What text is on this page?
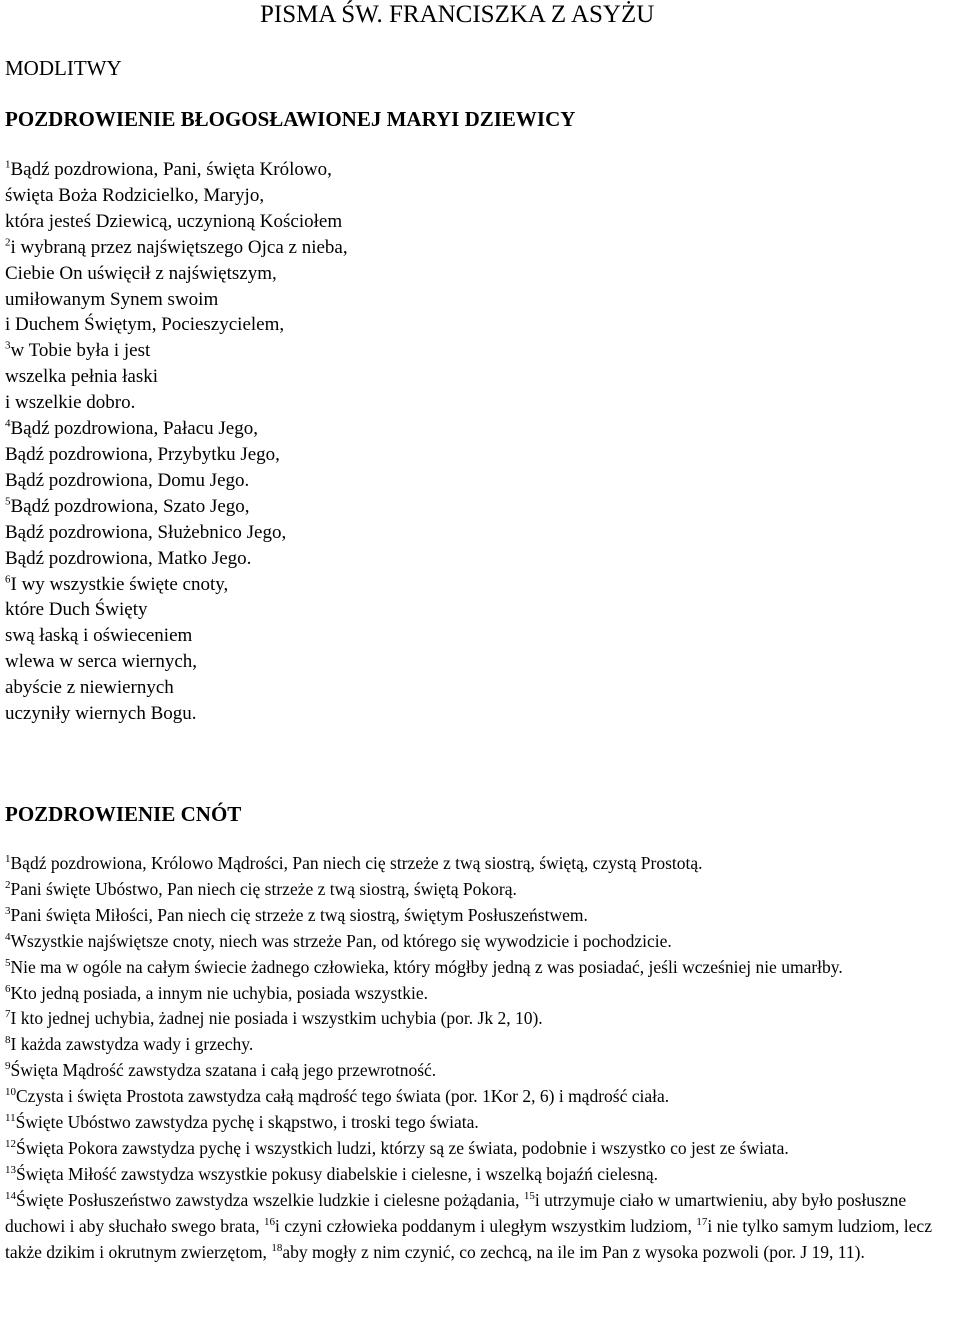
PISMA ŚW. FRANCISZKA Z ASYŻU
MODLITWY
POZDROWIENIE BŁOGOSŁAWIONEJ MARYI DZIEWICY
$^1$Bądź pozdrowiona, Pani, święta Królowo,
święta Boża Rodzicielko, Maryjo,
która jesteś Dziewicą, uczynioną Kościołem
$^2$i wybraną przez najświętszego Ojca z nieba,
Ciebie On uświęcił z najświętszym,
umiłowanym Synem swoim
i Duchem Świętym, Pocieszycielem,
$^3$w Tobie była i jest
wszelka pełnia łaski
i wszelkie dobro.
$^4$Bądź pozdrowiona, Pałacu Jego,
Bądź pozdrowiona, Przybytku Jego,
Bądź pozdrowiona, Domu Jego.
$^5$Bądź pozdrowiona, Szato Jego,
Bądź pozdrowiona, Służebnico Jego,
Bądź pozdrowiona, Matko Jego.
$^6$I wy wszystkie święte cnoty,
które Duch Święty
swą łaską i oświeceniem
wlewa w serca wiernych,
abyście z niewiernych
uczyniły wiernych Bogu.
POZDROWIENIE CNÓT
$^1$Bądź pozdrowiona, Królowo Mądrości, Pan niech cię strzeże z twą siostrą, świętą, czystą Prostotą.
$^2$Pani święte Ubóstwo, Pan niech cię strzeże z twą siostrą, świętą Pokorą.
$^3$Pani święta Miłości, Pan niech cię strzeże z twą siostrą, świętym Posłuszeństwem.
$^4$Wszystkie najświętsze cnoty, niech was strzeże Pan, od którego się wywodzicie i pochodzicie.
$^5$Nie ma w ogóle na całym świecie żadnego człowieka, który mógłby jedną z was posiadać, jeśli wcześniej nie umarłby.
$^6$Kto jedną posiada, a innym nie uchybia, posiada wszystkie.
$^7$I kto jednej uchybia, żadnej nie posiada i wszystkim uchybia (por. Jk 2, 10).
$^8$I każda zawstydza wady i grzechy.
$^9$Święta Mądrość zawstydza szatana i całą jego przewrotność.
$^{10}$Czysta i święta Prostota zawstydza całą mądrość tego świata (por. 1Kor 2, 6) i mądrość ciała.
$^{11}$Święte Ubóstwo zawstydza pychę i skąpstwo, i troski tego świata.
$^{12}$Święta Pokora zawstydza pychę i wszystkich ludzi, którzy są ze świata, podobnie i wszystko co jest ze świata.
$^{13}$Święta Miłość zawstydza wszystkie pokusy diabelskie i cielesne, i wszelką bojaźń cielesną.
$^{14}$Święte Posłuszeństwo zawstydza wszelkie ludzkie i cielesne pożądania, $^{15}$i utrzymuje ciało w umartwieniu, aby było posłuszne duchowi i aby słuchało swego brata, $^{16}$i czyni człowieka poddanym i uległym wszystkim ludziom, $^{17}$i nie tylko samym ludziom, lecz także dzikim i okrutnym zwierzętom, $^{18}$aby mogły z nim czynić, co zechcą, na ile im Pan z wysoka pozwoli (por. J 19, 11).
